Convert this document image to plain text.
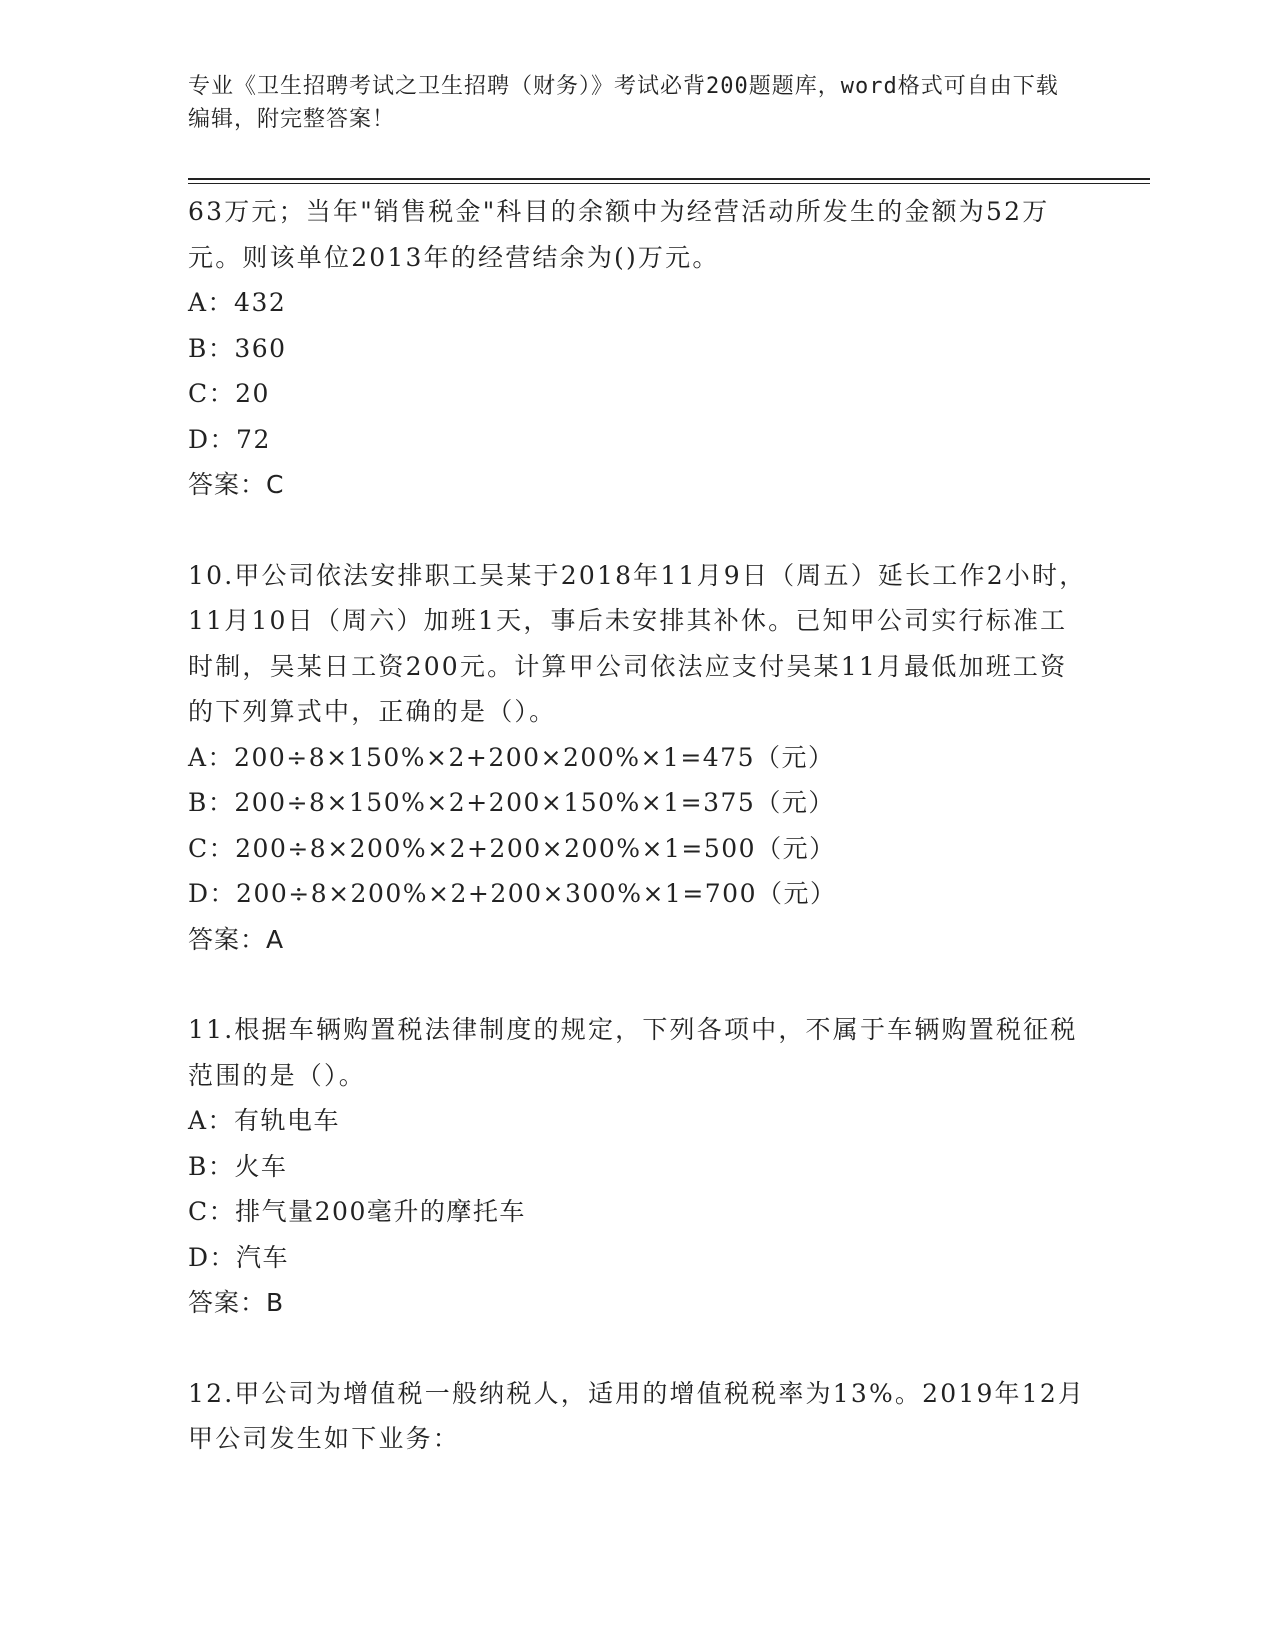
专业《卫生招聘考试之卫生招聘（财务）》考试必背200题题库，word格式可自由下载编辑，附完整答案！

63万元；当年"销售税金"科目的余额中为经营活动所发生的金额为52万元。则该单位2013年的经营结余为()万元。

A：432

B：360

C：20

D：72

答案：C

10.甲公司依法安排职工吴某于2018年11月9日（周五）延长工作2小时，11月10日（周六）加班1天，事后未安排其补休。已知甲公司实行标准工时制，吴某日工资200元。计算甲公司依法应支付吴某11月最低加班工资的下列算式中，正确的是（）。

A：200÷8×150%×2+200×200%×1=475（元）

B：200÷8×150%×2+200×150%×1=375（元）

C：200÷8×200%×2+200×200%×1=500（元）

D：200÷8×200%×2+200×300%×1=700（元）

答案：A

11.根据车辆购置税法律制度的规定，下列各项中，不属于车辆购置税征税范围的是（）。

A：有轨电车

B：火车

C：排气量200毫升的摩托车

D：汽车

答案：B

12.甲公司为增值税一般纳税人，适用的增值税税率为13%。2019年12月甲公司发生如下业务：
